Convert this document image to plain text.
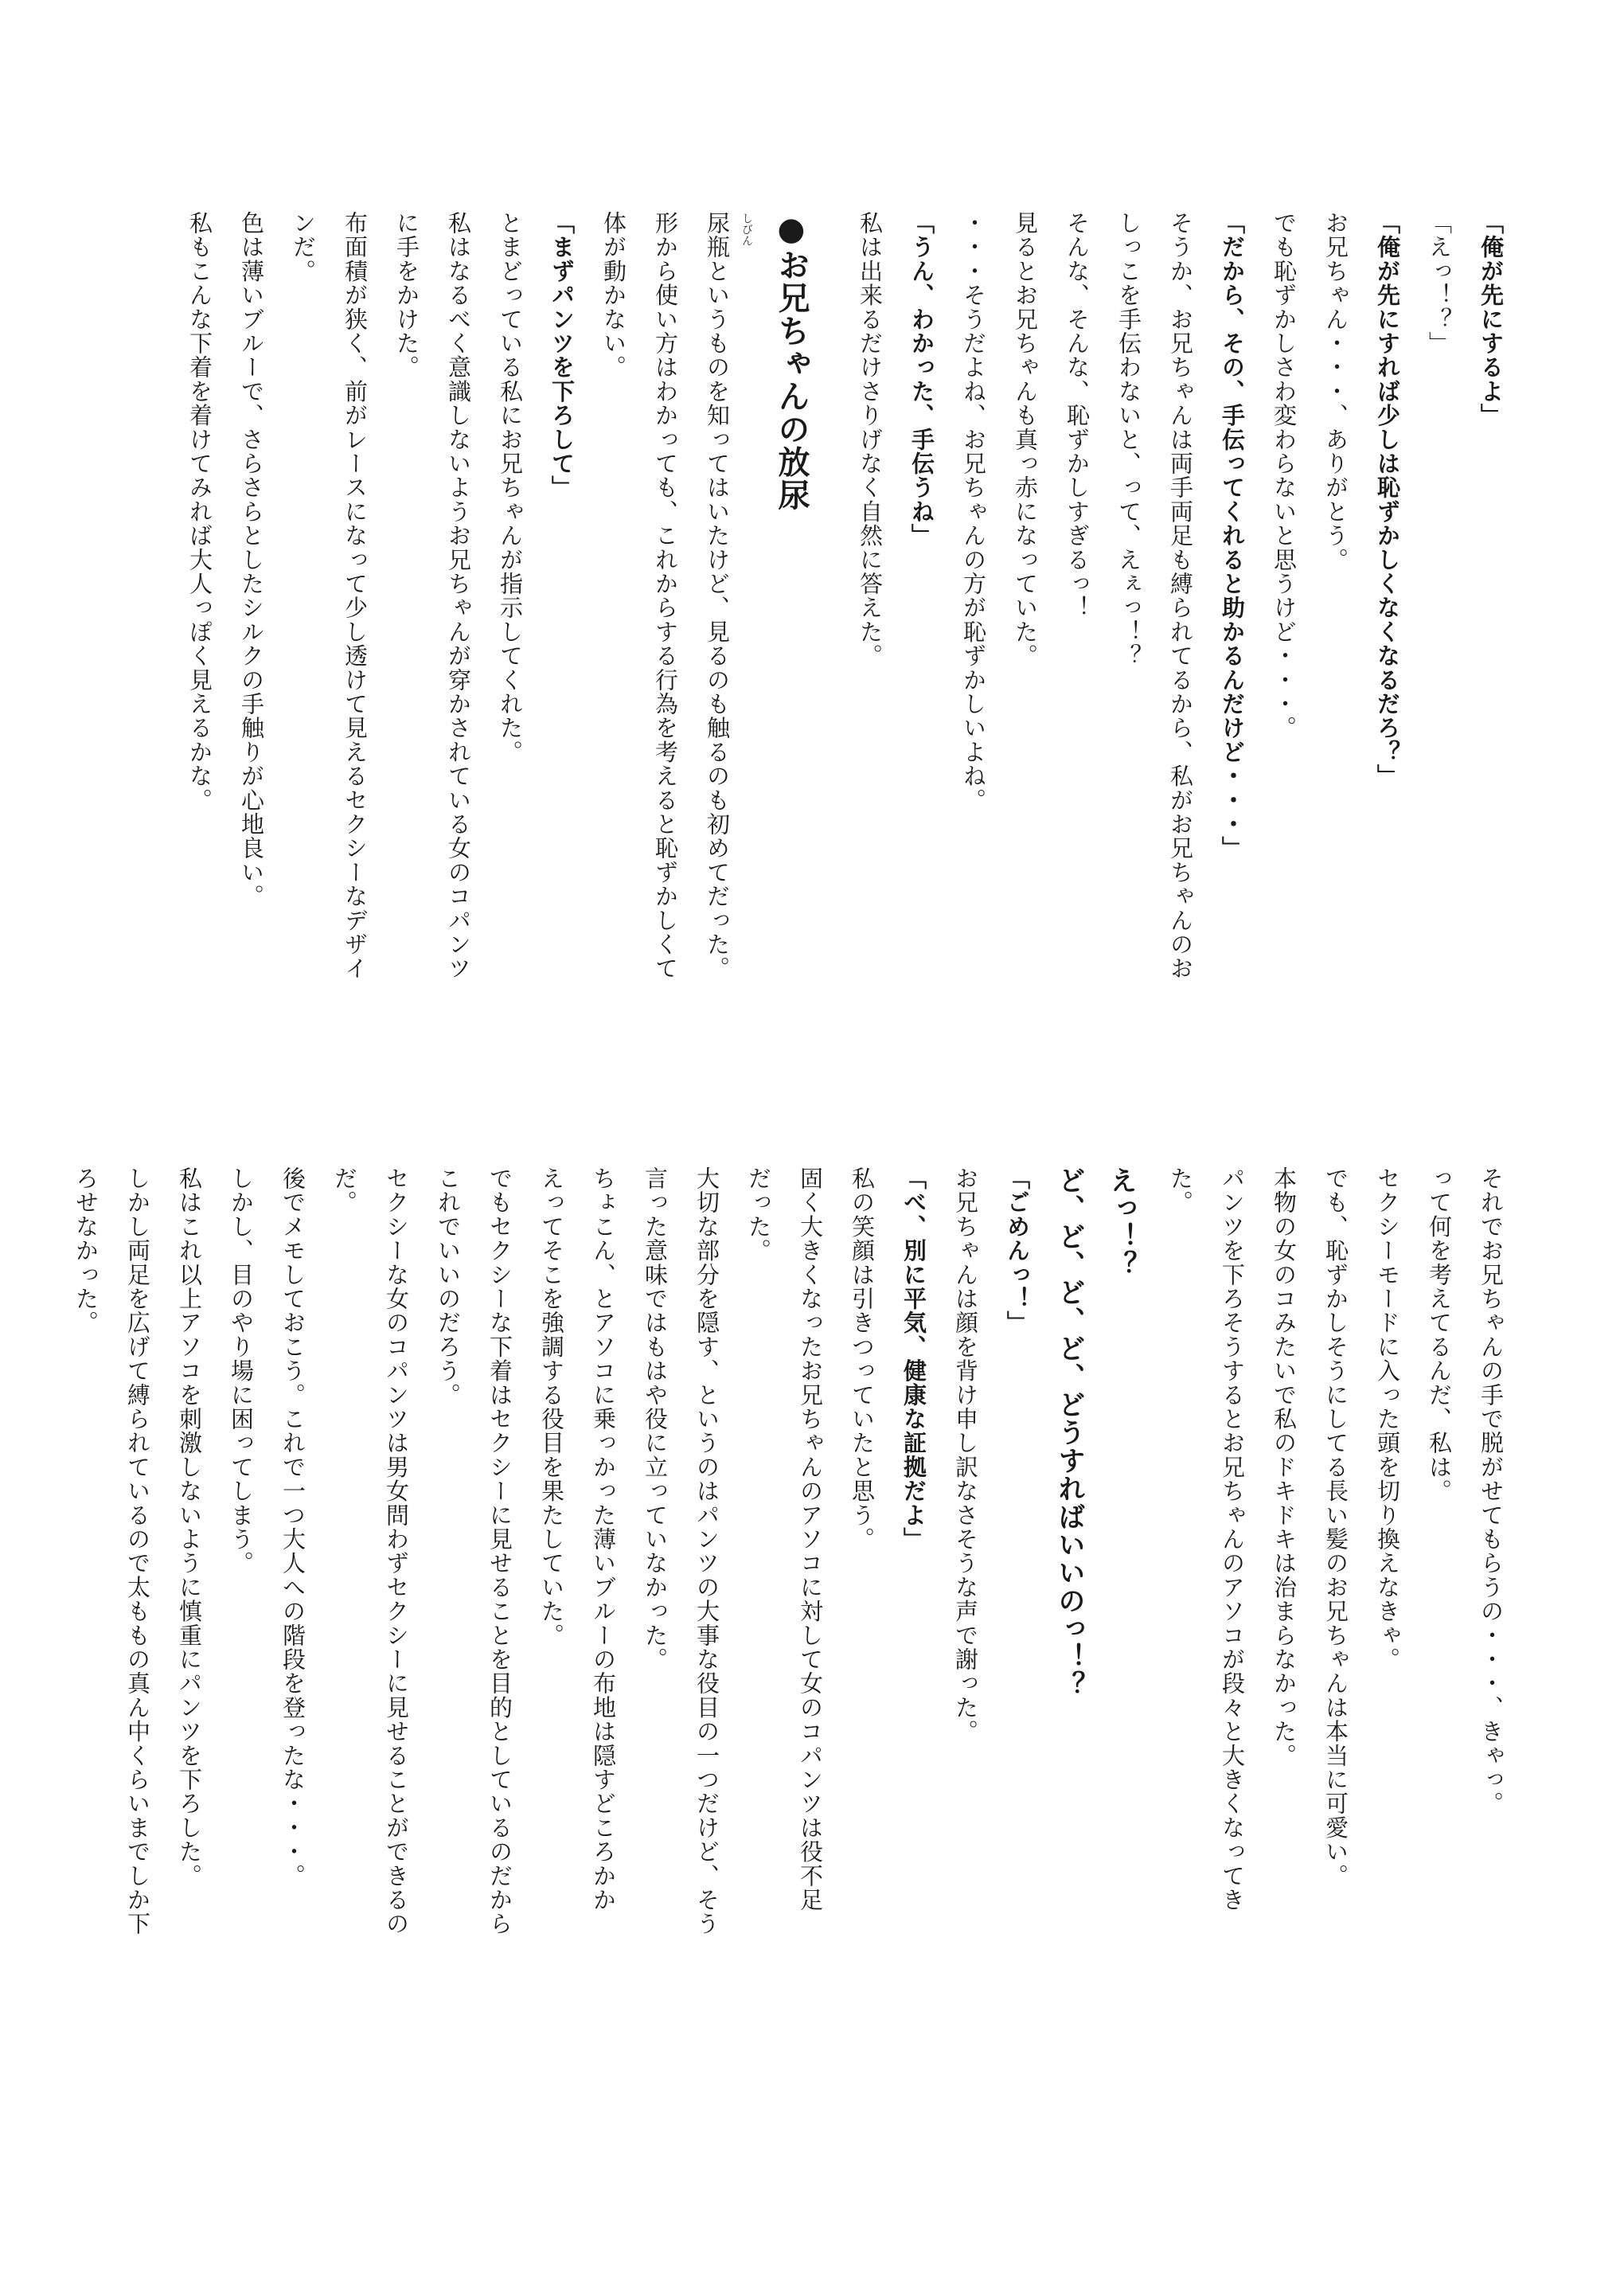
「俺が先にするよ」
「えっ！？」
「俺が先にすれば少しは恥ずかしくなくなるだろ？」
お兄ちゃん・・・、ありがとう。
でも恥ずかしさわ変わらないと思うけど・・・。
「だから、その、手伝ってくれると助かるんだけど・・・」
そうか、お兄ちゃんは両手両足も縛られてるから、私がお兄ちゃんのお
しっこを手伝わないと、って、えぇっ！？
そんな、そんな、恥ずかしすぎるっ！
見るとお兄ちゃんも真っ赤になっていた。
・・・そうだよね、お兄ちゃんの方が恥ずかしいよね。
「うん、わかった、手伝うね」
私は出来るだけさりげなく自然に答えた。
●お兄ちゃんの放尿
しびん
尿瓶というものを知ってはいたけど、見るのも触るのも初めてだった。
形から使い方はわかっても、これからする行為を考えると恥ずかしくて
体が動かない。
「まずパンツを下ろして」
とまどっている私にお兄ちゃんが指示してくれた。
私はなるべく意識しないようお兄ちゃんが穿かされている女のコパンツ
に手をかけた。
布面積が狭く、前がレースになって少し透けて見えるセクシーなデザイ
ンだ。
色は薄いブルーで、さらさらとしたシルクの手触りが心地良い。
私もこんな下着を着けてみれば大人っぽく見えるかな。
それでお兄ちゃんの手で脱がせてもらうの・・・、きゃっ。
って何を考えてるんだ、私は。
セクシーモードに入った頭を切り換えなきゃ。
でも、恥ずかしそうにしてる長い髪のお兄ちゃんは本当に可愛い。
本物の女のコみたいで私のドキドキは治まらなかった。
パンツを下ろそうするとお兄ちゃんのアソコが段々と大きくなってき
た。
えっ！？
ど、ど、ど、ど、どうすればいいのっ！？
「ごめんっ！」
お兄ちゃんは顔を背け申し訳なさそうな声で謝った。
「べ、別に平気、健康な証拠だよ」
私の笑顔は引きつっていたと思う。
固く大きくなったお兄ちゃんのアソコに対して女のコパンツは役不足
だった。
大切な部分を隠す、というのはパンツの大事な役目の一つだけど、そう
言った意味ではもはや役に立っていなかった。
ちょこん、とアソコに乗っかった薄いブルーの布地は隠すどころかか
えってそこを強調する役目を果たしていた。
でもセクシーな下着はセクシーに見せることを目的としているのだから
これでいいのだろう。
セクシーな女のコパンツは男女問わずセクシーに見せることができるの
だ。
後でメモしておこう。これで一つ大人への階段を登ったな・・・。
しかし、目のやり場に困ってしまう。
私はこれ以上アソコを刺激しないように慎重にパンツを下ろした。
しかし両足を広げて縛られているので太ももの真ん中くらいまでしか下
ろせなかった。
